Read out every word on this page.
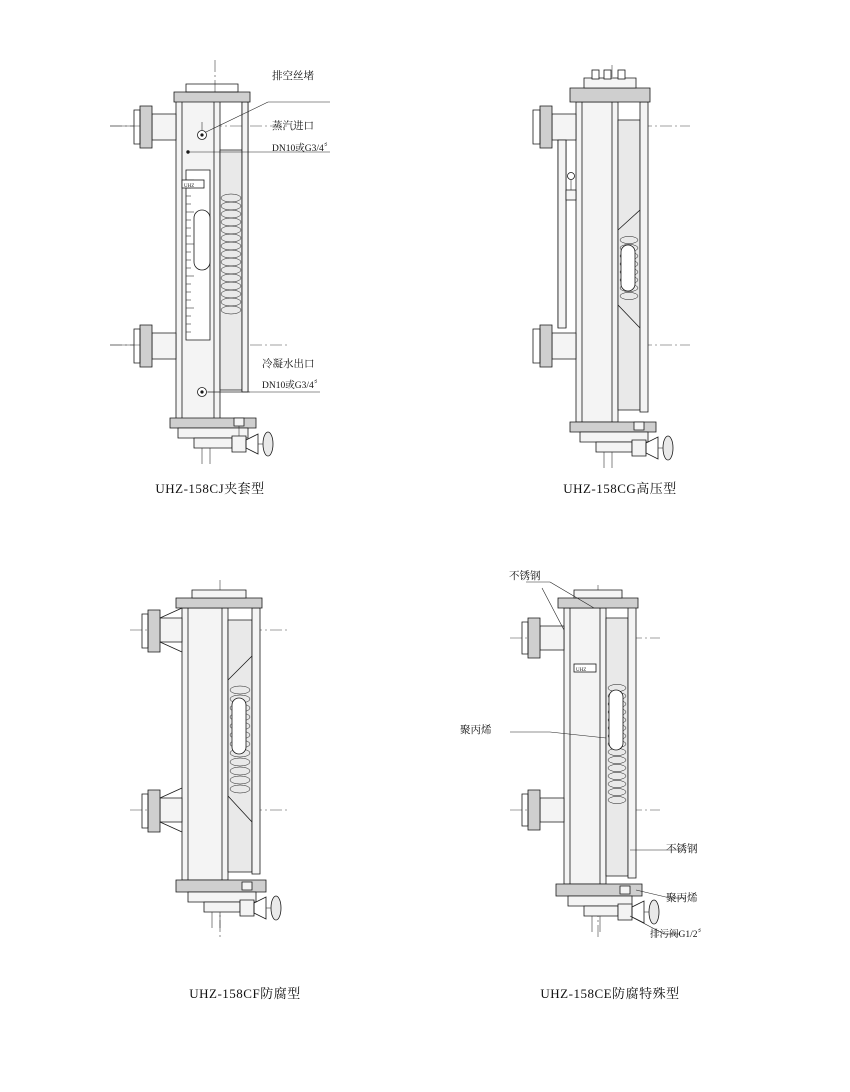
UHZ
排空丝堵
蒸汽进口
DN10或G3/4〞
冷凝水出口
DN10或G3/4〞
UHZ-158CJ夹套型	UHZ-158CG高压型
UHZ-158CF防腐型
UHZ
不锈钢
聚丙烯
不锈钢
聚丙烯
排污阀G1/2〞
UHZ-158CE防腐特殊型
